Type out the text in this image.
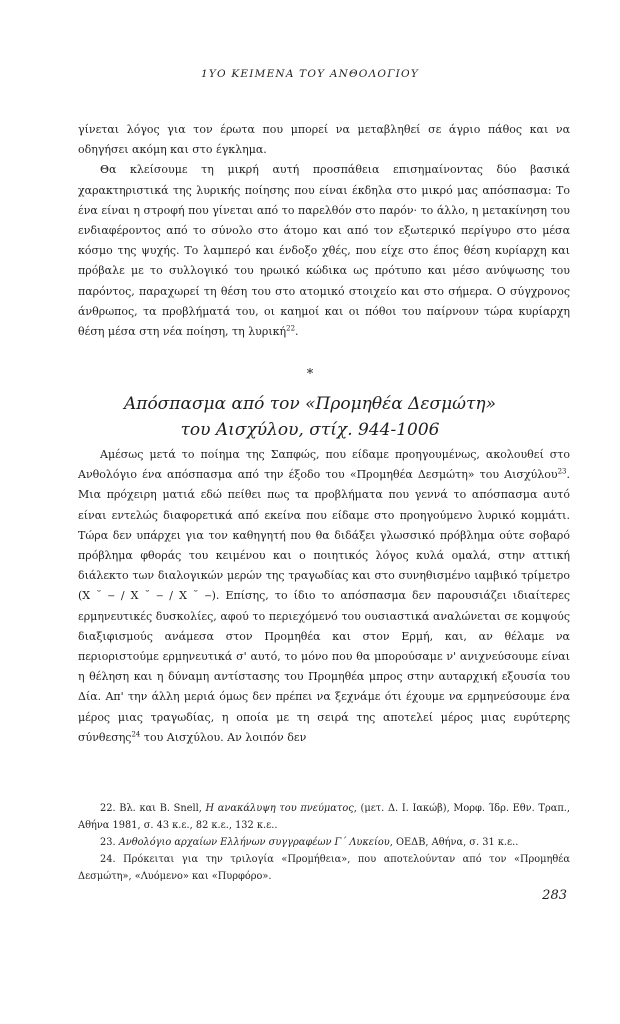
1ΥΟ ΚΕΙΜΕΝΑ ΤΟΥ ΑΝΘΟΛΟΓΙΟΥ

γίνεται λόγος για τον έρωτα που μπορεί να μεταβληθεί σε άγριο πάθος και να οδηγήσει ακόμη και στο έγκλημα.

Θα κλείσουμε τη μικρή αυτή προσπάθεια επισημαίνοντας δύο βασικά χαρακτηριστικά της λυρικής ποίησης που είναι έκδηλα στο μικρό μας απόσπασμα: Το ένα είναι η στροφή που γίνεται από το παρελθόν στο παρόν· το άλλο, η μετακίνηση του ενδιαφέροντος από το σύνολο στο άτομο και από τον εξωτερικό περίγυρο στο μέσα κόσμο της ψυχής. Το λαμπερό και ένδοξο χθές, που είχε στο έπος θέση κυρίαρχη και πρόβαλε με το συλλογικό του ηρωικό κώδικα ως πρότυπο και μέσο ανύψωσης του παρόντος, παραχωρεί τη θέση του στο ατομικό στοιχείο και στο σήμερα. Ο σύγχρονος άνθρωπος, τα προβλήματά του, οι καημοί και οι πόθοι του παίρνουν τώρα κυρίαρχη θέση μέσα στη νέα ποίηση, τη λυρική$^{22}$.

*
Απόσπασμα από τον «Προμηθέα Δεσμώτη»
του Αισχύλου, στίχ. 944-1006

Αμέσως μετά το ποίημα της Σαπφώς, που είδαμε προηγουμένως, ακολουθεί στο Ανθολόγιο ένα απόσπασμα από την έξοδο του «Προμηθέα Δεσμώτη» του Αισχύλου$^{23}$. Μια πρόχειρη ματιά εδώ πείθει πως τα προβλήματα που γεννά το απόσπασμα αυτό είναι εντελώς διαφορετικά από εκείνα που είδαμε στο προηγούμενο λυρικό κομμάτι. Τώρα δεν υπάρχει για τον καθηγητή που θα διδάξει γλωσσικό πρόβλημα ούτε σοβαρό πρόβλημα φθοράς του κειμένου και ο ποιητικός λόγος κυλά ομαλά, στην αττική διάλεκτο των διαλογικών μερών της τραγωδίας και στο συνηθισμένο ιαμβικό τρίμετρο (Χ ˘ ‒ / Χ ˘ ‒ / Χ ˘ ‒). Επίσης, το ίδιο το απόσπασμα δεν παρουσιάζει ιδιαίτερες ερμηνευτικές δυσκολίες, αφού το περιεχόμενό του ουσιαστικά αναλώνεται σε κομψούς διαξιφισμούς ανάμεσα στον Προμηθέα και στον Ερμή, και, αν θέλαμε να περιοριστούμε ερμηνευτικά σ' αυτό, το μόνο που θα μπορούσαμε ν' ανιχνεύσουμε είναι η θέληση και η δύναμη αντίστασης του Προμηθέα μπρος στην αυταρχική εξουσία του Δία. Απ' την άλλη μεριά όμως δεν πρέπει να ξεχνάμε ότι έχουμε να ερμηνεύσουμε ένα μέρος μιας τραγωδίας, η οποία με τη σειρά της αποτελεί μέρος μιας ευρύτερης σύνθεσης$^{24}$ του Αισχύλου. Αν λοιπόν δεν

22. Βλ. και B. Snell, Η ανακάλυψη του πνεύματος, (μετ. Δ. Ι. Ιακώβ), Μορφ. Ίδρ. Εθν. Τραπ., Αθήνα 1981, σ. 43 κ.ε., 82 κ.ε., 132 κ.ε..

23. Ανθολόγιο αρχαίων Ελλήνων συγγραφέων Γ΄ Λυκείου, ΟΕΔΒ, Αθήνα, σ. 31 κ.ε..

24. Πρόκειται για την τριλογία «Προμήθεια», που αποτελούνταν από τον «Προμηθέα Δεσμώτη», «Λυόμενο» και «Πυρφόρο».

283
